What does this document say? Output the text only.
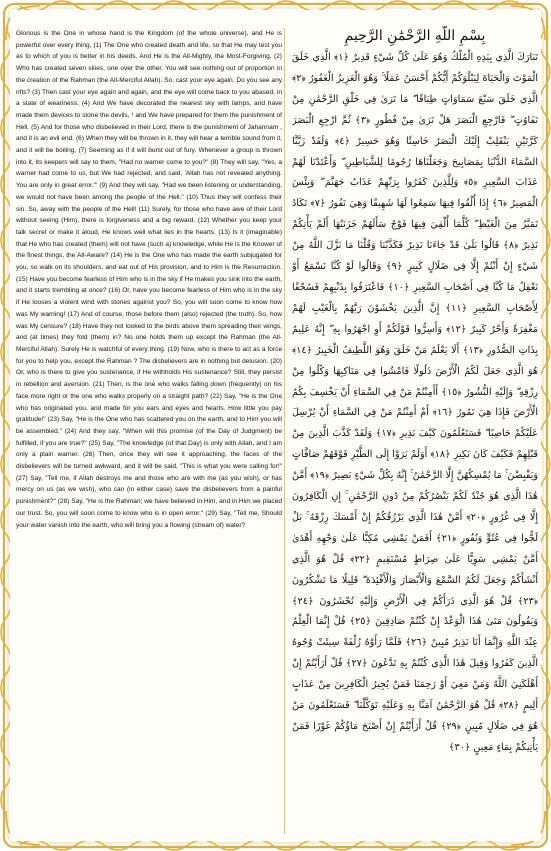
Glorious is the One in whose hand is the Kingdom (of the whole universe), and He is powerful over every thing, (1) The One who created death and life, so that He may test you as to which of you is better in his deeds. And He is the All-Mighty, the Most-Forgiving, (2) Who has created seven skies, one over the other. You will see nothing out of proportion in the creation of the Rahman (the All-Merciful Allah). So, cast your eye again. Do you see any rifts? (3) Then cast your eye again and again, and the eye will come back to you abased, in a state of weariness. (4) And We have decorated the nearest sky with lamps, and have made them devices to stone the devils, ¹ and We have prepared for them the punishment of Hell. (5) And for those who disbelieved in their Lord, there is the punishment of Jahannam , and it is an evil end. (6) When they will be thrown in it, they will hear a terrible sound from it, and it will be boiling, (7) Seeming as if it will burst out of fury. Whenever a group is thrown into it, its keepers will say to them, "Had no warner come to you?" (8) They will say, "Yes, a warner had come to us, but We had rejected, and said, 'Allah has not revealed anything. You are only in great error.'" (9) And they will say, "Had we been listening or understanding, we would not have been among the people of the Hell." (10) Thus they will confess their sin. So, away with the people of the Hell! (11) Surely, for those who have awe of their Lord without seeing (Him), there is forgiveness and a big reward. (12) Whether you keep your talk secret or make it aloud, He knows well what lies in the hearts. (13) Is it (imaginable) that He who has created (them) will not have (such a) knowledge, while He is the Knower of the finest things, the All-Aware? (14) He is the One who has made the earth subjugated for you, so walk on its shoulders, and eat out of His provision, and to Him is the Resurrection. (15) Have you become fearless of Him who is in the sky if He makes you sink into the earth, and it starts trembling at once? (16) Or, have you become fearless of Him who is in the sky if He looses a violent wind with stones against you? So, you will soon come to know how was My warning! (17) And of course, those before them (also) rejected (the truth). So, how was My censure? (18) Have they not looked to the birds above them spreading their wings, and (at times) they fold (them) in? No one holds them up except the Rahman (the All-Merciful Allah). Surely He is watchful of every thing. (19) Now, who is there to act as a force for you to help you, except the Rahman ? The disbelievers are in nothing but delusion. (20) Or, who is there to give you sustenance, if He withholds His sustenance? Still, they persist in rebellion and aversion. (21) Then, is the one who walks falling down (frequently) on his face more right or the one who walks properly on a straight path? (22) Say, "He is the One who has originated you, and made for you ears and eyes and hearts. How little you pay gratitude!" (23) Say, "He is the One who has scattered you on the earth, and to Him you will be assembled." (24) And they say, "When will this promise (of the Day of Judgment) be fulfilled, if you are true?" (25) Say, "The knowledge (of that Day) is only with Allah, and I am only a plain warner. (26) Then, once they will see it approaching, the faces of the disbelievers will be turned awkward, and it will be said, "This is what you were calling for!" (27) Say, "Tell me, if Allah destroys me and those who are with me (as you wish), or has mercy on us (as we wish), who can (in either case) save the disbelievers from a painful punishment?" (28) Say, "He is the Rahman; we have believed in Him, and in Him we placed our trust. So, you will soon come to know who is in open error." (29) Say, "Tell me, Should your water vanish into the earth, who will bring you a flowing (stream of) water?

بِسْمِ اللَّهِ الرَّحْمَٰنِ الرَّحِيمِ

تَبَارَكَ الَّذِي بِيَدِهِ الْمُلْكُ وَهُوَ عَلَىٰ كُلِّ شَيْءٍ قَدِيرٌ ﴿١﴾ الَّذِي خَلَقَ الْمَوْتَ وَالْحَيَاةَ لِيَبْلُوَكُمْ أَيُّكُمْ أَحْسَنُ عَمَلًا ۚ وَهُوَ الْعَزِيزُ الْغَفُورُ ﴿٢﴾ الَّذِي خَلَقَ سَبْعَ سَمَاوَاتٍ طِبَاقًا ۖ مَا تَرَىٰ فِي خَلْقِ الرَّحْمَٰنِ مِنْ تَفَاوُتٍ ۖ فَارْجِعِ الْبَصَرَ هَلْ تَرَىٰ مِنْ فُطُورٍ ﴿٣﴾ ثُمَّ ارْجِعِ الْبَصَرَ كَرَّتَيْنِ يَنْقَلِبْ إِلَيْكَ الْبَصَرُ خَاسِئًا وَهُوَ حَسِيرٌ ﴿٤﴾ وَلَقَدْ زَيَّنَّا السَّمَاءَ الدُّنْيَا بِمَصَابِيحَ وَجَعَلْنَاهَا رُجُومًا لِلشَّيَاطِينِ ۖ وَأَعْتَدْنَا لَهُمْ عَذَابَ السَّعِيرِ ﴿٥﴾ وَلِلَّذِينَ كَفَرُوا بِرَبِّهِمْ عَذَابُ جَهَنَّمَ ۖ وَبِئْسَ الْمَصِيرُ ﴿٦﴾ إِذَا أُلْقُوا فِيهَا سَمِعُوا لَهَا شَهِيقًا وَهِيَ تَفُورُ ﴿٧﴾ تَكَادُ تَمَيَّزُ مِنَ الْغَيْظِ ۖ كُلَّمَا أُلْقِيَ فِيهَا فَوْجٌ سَأَلَهُمْ خَزَنَتُهَا أَلَمْ يَأْتِكُمْ نَذِيرٌ ﴿٨﴾ قَالُوا بَلَىٰ قَدْ جَاءَنَا نَذِيرٌ فَكَذَّبْنَا وَقُلْنَا مَا نَزَّلَ اللَّهُ مِنْ شَيْءٍ إِنْ أَنْتُمْ إِلَّا فِي ضَلَالٍ كَبِيرٍ ﴿٩﴾ وَقَالُوا لَوْ كُنَّا نَسْمَعُ أَوْ نَعْقِلُ مَا كُنَّا فِي أَصْحَابِ السَّعِيرِ ﴿١٠﴾ فَاعْتَرَفُوا بِذَنْبِهِمْ فَسُحْقًا لِأَصْحَابِ السَّعِيرِ ﴿١١﴾ إِنَّ الَّذِينَ يَخْشَوْنَ رَبَّهُمْ بِالْغَيْبِ لَهُمْ مَغْفِرَةٌ وَأَجْرٌ كَبِيرٌ ﴿١٢﴾ وَأَسِرُّوا قَوْلَكُمْ أَوِ اجْهَرُوا بِهِ ۖ إِنَّهُ عَلِيمٌ بِذَاتِ الصُّدُورِ ﴿١٣﴾ أَلَا يَعْلَمُ مَنْ خَلَقَ وَهُوَ اللَّطِيفُ الْخَبِيرُ ﴿١٤﴾ هُوَ الَّذِي جَعَلَ لَكُمُ الْأَرْضَ ذَلُولًا فَامْشُوا فِي مَنَاكِبِهَا وَكُلُوا مِنْ رِزْقِهِ ۖ وَإِلَيْهِ النُّشُورُ ﴿١٥﴾ أَأَمِنْتُمْ مَنْ فِي السَّمَاءِ أَنْ يَخْسِفَ بِكُمُ الْأَرْضَ فَإِذَا هِيَ تَمُورُ ﴿١٦﴾ أَمْ أَمِنْتُمْ مَنْ فِي السَّمَاءِ أَنْ يُرْسِلَ عَلَيْكُمْ حَاصِبًا ۖ فَسَتَعْلَمُونَ كَيْفَ نَذِيرِ ﴿١٧﴾ وَلَقَدْ كَذَّبَ الَّذِينَ مِنْ قَبْلِهِمْ فَكَيْفَ كَانَ نَكِيرِ ﴿١٨﴾ أَوَلَمْ يَرَوْا إِلَى الطَّيْرِ فَوْقَهُمْ صَافَّاتٍ وَيَقْبِضْنَ ۚ مَا يُمْسِكُهُنَّ إِلَّا الرَّحْمَٰنُ ۚ إِنَّهُ بِكُلِّ شَيْءٍ بَصِيرٌ ﴿١٩﴾ أَمَّنْ هَٰذَا الَّذِي هُوَ جُنْدٌ لَكُمْ يَنْصُرُكُمْ مِنْ دُونِ الرَّحْمَٰنِ ۚ إِنِ الْكَافِرُونَ إِلَّا فِي غُرُورٍ ﴿٢٠﴾ أَمَّنْ هَٰذَا الَّذِي يَرْزُقُكُمْ إِنْ أَمْسَكَ رِزْقَهُ ۚ بَلْ لَجُّوا فِي عُتُوٍّ وَنُفُورٍ ﴿٢١﴾ أَفَمَنْ يَمْشِي مُكِبًّا عَلَىٰ وَجْهِهِ أَهْدَىٰ أَمَّنْ يَمْشِي سَوِيًّا عَلَىٰ صِرَاطٍ مُسْتَقِيمٍ ﴿٢٢﴾ قُلْ هُوَ الَّذِي أَنْشَأَكُمْ وَجَعَلَ لَكُمُ السَّمْعَ وَالْأَبْصَارَ وَالْأَفْئِدَةَ ۖ قَلِيلًا مَا تَشْكُرُونَ ﴿٢٣﴾ قُلْ هُوَ الَّذِي ذَرَأَكُمْ فِي الْأَرْضِ وَإِلَيْهِ تُحْشَرُونَ ﴿٢٤﴾ وَيَقُولُونَ مَتَىٰ هَٰذَا الْوَعْدُ إِنْ كُنْتُمْ صَادِقِينَ ﴿٢٥﴾ قُلْ إِنَّمَا الْعِلْمُ عِنْدَ اللَّهِ وَإِنَّمَا أَنَا نَذِيرٌ مُبِينٌ ﴿٢٦﴾ فَلَمَّا رَأَوْهُ زُلْفَةً سِيئَتْ وُجُوهُ الَّذِينَ كَفَرُوا وَقِيلَ هَٰذَا الَّذِي كُنْتُمْ بِهِ تَدَّعُونَ ﴿٢٧﴾ قُلْ أَرَأَيْتُمْ إِنْ أَهْلَكَنِيَ اللَّهُ وَمَنْ مَعِيَ أَوْ رَحِمَنَا فَمَنْ يُجِيرُ الْكَافِرِينَ مِنْ عَذَابٍ أَلِيمٍ ﴿٢٨﴾ قُلْ هُوَ الرَّحْمَٰنُ آمَنَّا بِهِ وَعَلَيْهِ تَوَكَّلْنَا ۖ فَسَتَعْلَمُونَ مَنْ هُوَ فِي ضَلَالٍ مُبِينٍ ﴿٢٩﴾ قُلْ أَرَأَيْتُمْ إِنْ أَصْبَحَ مَاؤُكُمْ غَوْرًا فَمَنْ يَأْتِيكُمْ بِمَاءٍ مَعِينٍ ﴿٣٠﴾
